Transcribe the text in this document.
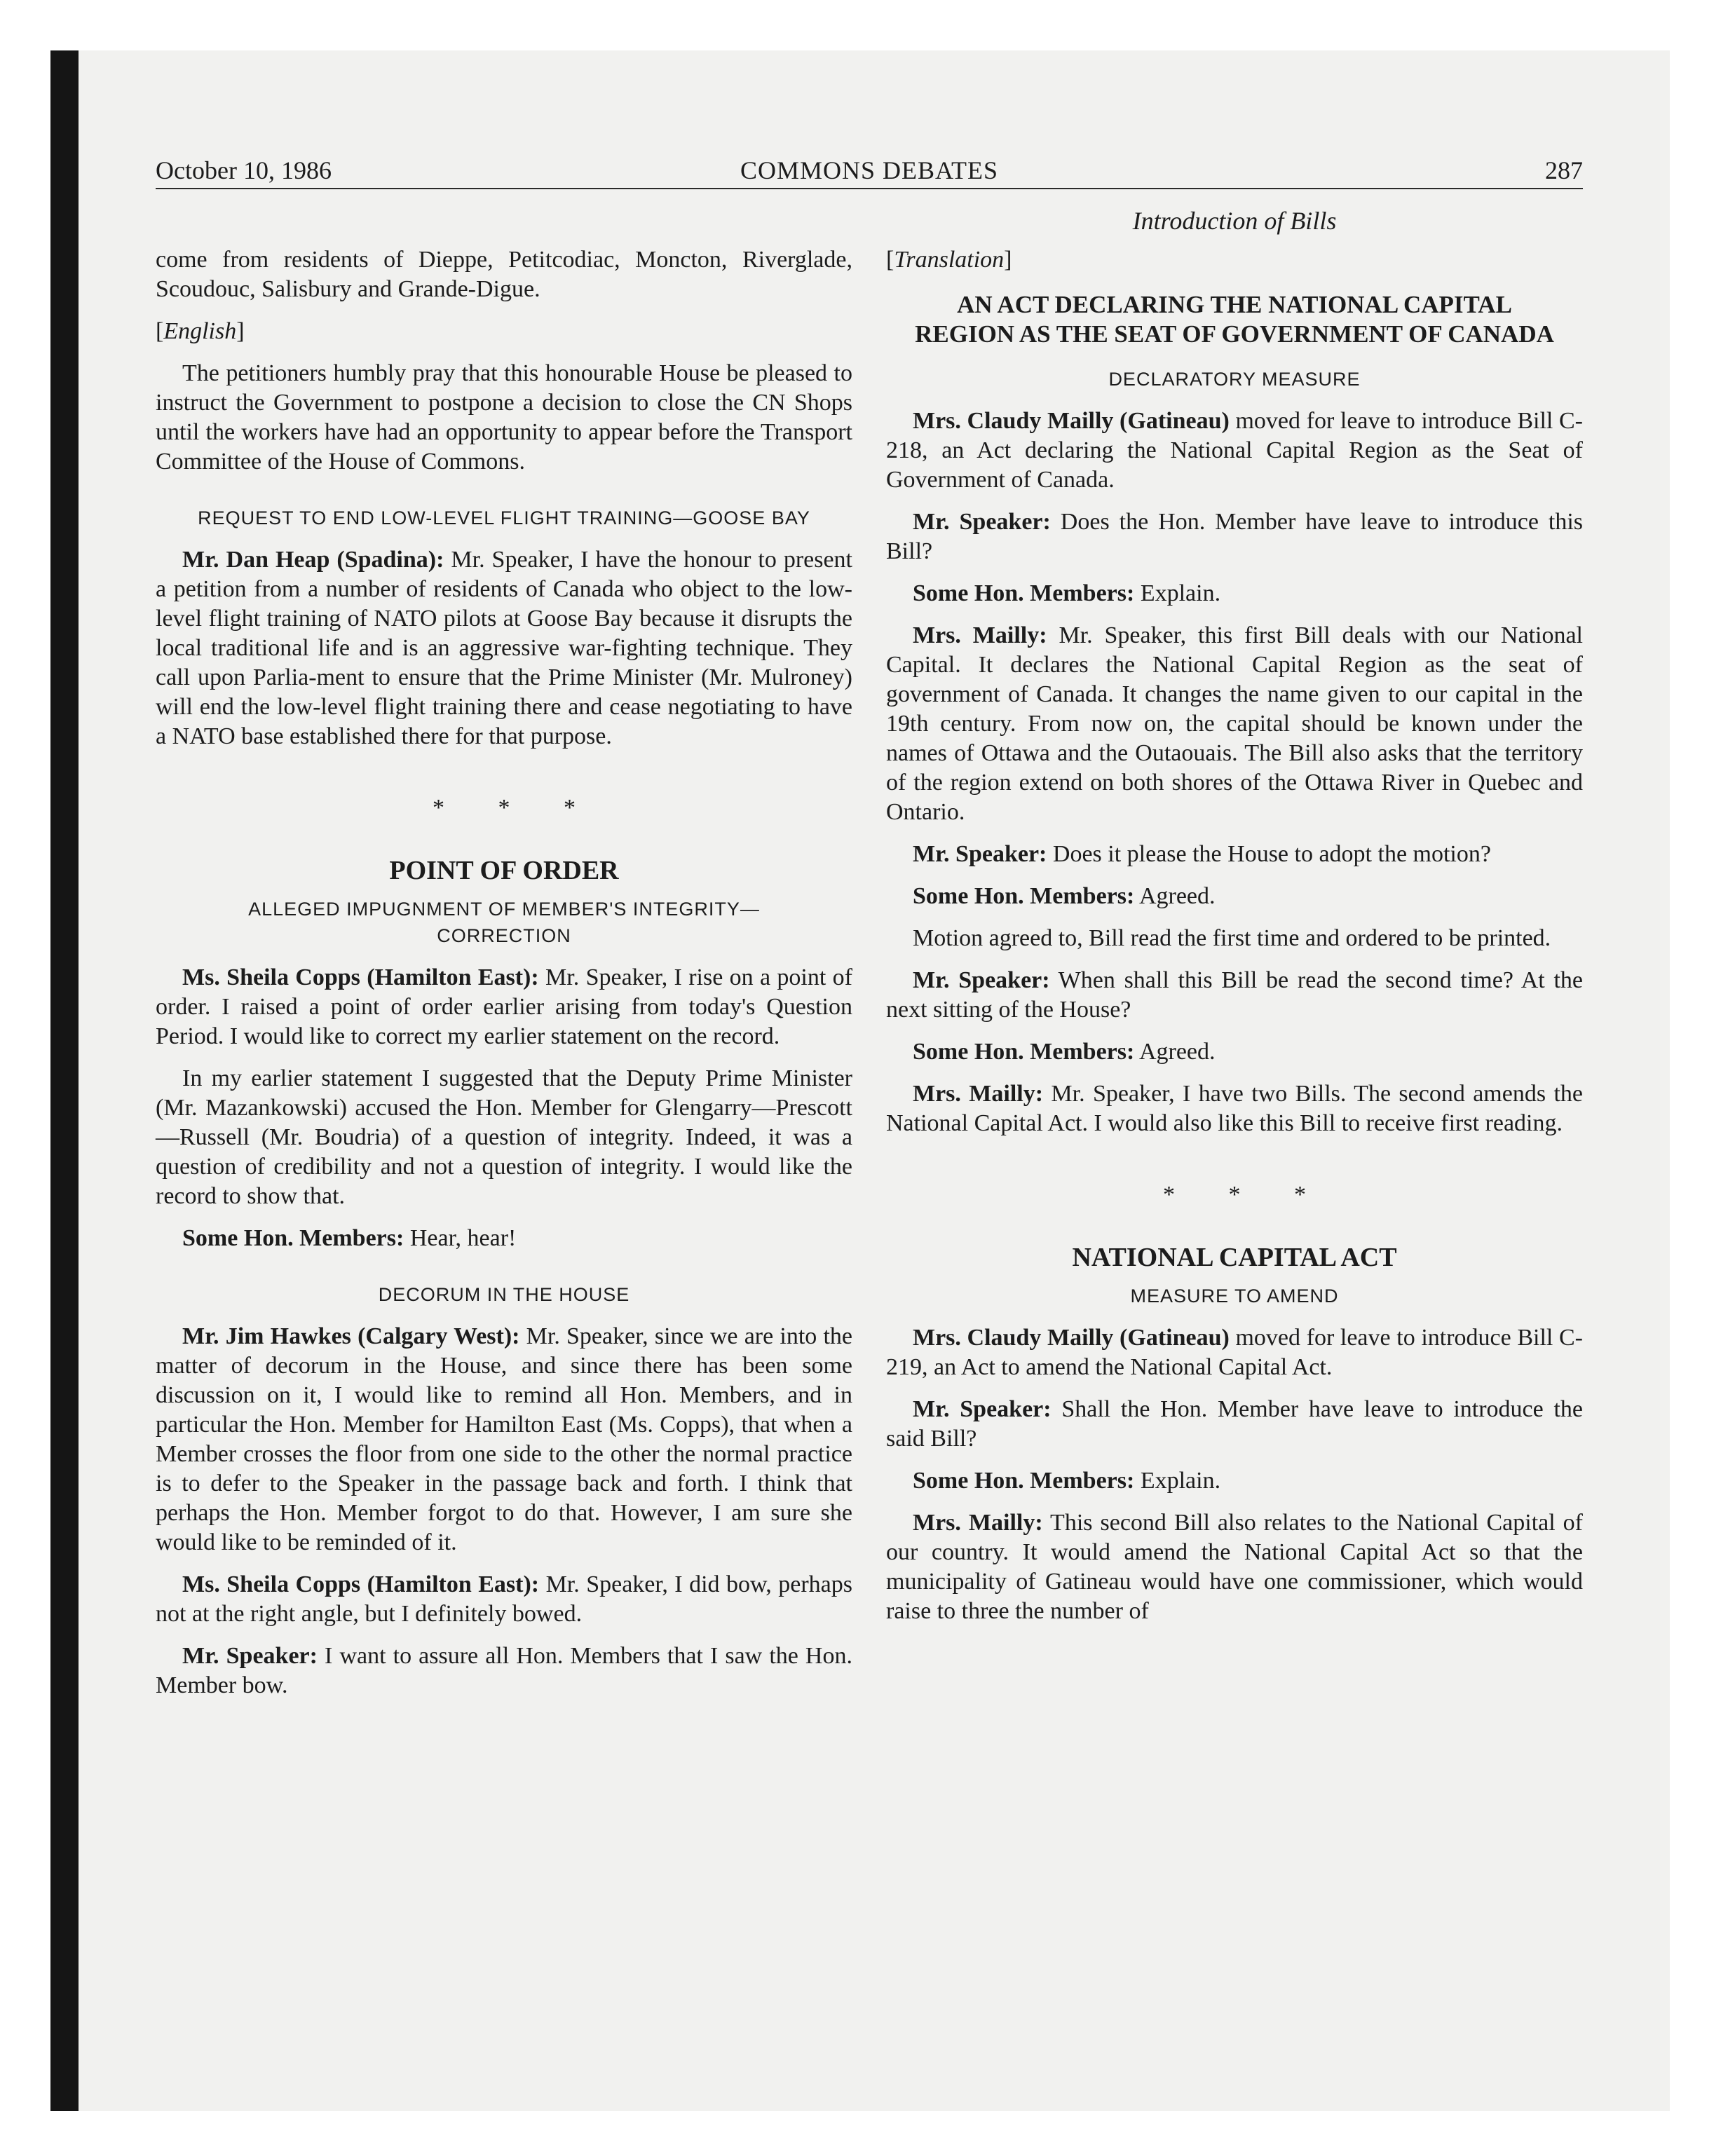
October 10, 1986	COMMONS DEBATES	287
Introduction of Bills

come from residents of Dieppe, Petitcodiac, Moncton, Riverglade, Scoudouc, Salisbury and Grande-Digue.

[English]

The petitioners humbly pray that this honourable House be pleased to instruct the Government to postpone a decision to close the CN Shops until the workers have had an opportunity to appear before the Transport Committee of the House of Commons.

REQUEST TO END LOW-LEVEL FLIGHT TRAINING—GOOSE BAY

Mr. Dan Heap (Spadina): Mr. Speaker, I have the honour to present a petition from a number of residents of Canada who object to the low-level flight training of NATO pilots at Goose Bay because it disrupts the local traditional life and is an aggressive war-fighting technique. They call upon Parlia-ment to ensure that the Prime Minister (Mr. Mulroney) will end the low-level flight training there and cease negotiating to have a NATO base established there for that purpose.

* * *
POINT OF ORDER
ALLEGED IMPUGNMENT OF MEMBER'S INTEGRITY—CORRECTION

Ms. Sheila Copps (Hamilton East): Mr. Speaker, I rise on a point of order. I raised a point of order earlier arising from today's Question Period. I would like to correct my earlier statement on the record.

In my earlier statement I suggested that the Deputy Prime Minister (Mr. Mazankowski) accused the Hon. Member for Glengarry—Prescott—Russell (Mr. Boudria) of a question of integrity. Indeed, it was a question of credibility and not a question of integrity. I would like the record to show that.

Some Hon. Members: Hear, hear!

DECORUM IN THE HOUSE

Mr. Jim Hawkes (Calgary West): Mr. Speaker, since we are into the matter of decorum in the House, and since there has been some discussion on it, I would like to remind all Hon. Members, and in particular the Hon. Member for Hamilton East (Ms. Copps), that when a Member crosses the floor from one side to the other the normal practice is to defer to the Speaker in the passage back and forth. I think that perhaps the Hon. Member forgot to do that. However, I am sure she would like to be reminded of it.

Ms. Sheila Copps (Hamilton East): Mr. Speaker, I did bow, perhaps not at the right angle, but I definitely bowed.

Mr. Speaker: I want to assure all Hon. Members that I saw the Hon. Member bow.

[Translation]
AN ACT DECLARING THE NATIONAL CAPITAL REGION AS THE SEAT OF GOVERNMENT OF CANADA
DECLARATORY MEASURE

Mrs. Claudy Mailly (Gatineau) moved for leave to introduce Bill C-218, an Act declaring the National Capital Region as the Seat of Government of Canada.

Mr. Speaker: Does the Hon. Member have leave to introduce this Bill?

Some Hon. Members: Explain.

Mrs. Mailly: Mr. Speaker, this first Bill deals with our National Capital. It declares the National Capital Region as the seat of government of Canada. It changes the name given to our capital in the 19th century. From now on, the capital should be known under the names of Ottawa and the Outaouais. The Bill also asks that the territory of the region extend on both shores of the Ottawa River in Quebec and Ontario.

Mr. Speaker: Does it please the House to adopt the motion?

Some Hon. Members: Agreed.

Motion agreed to, Bill read the first time and ordered to be printed.

Mr. Speaker: When shall this Bill be read the second time? At the next sitting of the House?

Some Hon. Members: Agreed.

Mrs. Mailly: Mr. Speaker, I have two Bills. The second amends the National Capital Act. I would also like this Bill to receive first reading.

* * *
NATIONAL CAPITAL ACT
MEASURE TO AMEND

Mrs. Claudy Mailly (Gatineau) moved for leave to introduce Bill C-219, an Act to amend the National Capital Act.

Mr. Speaker: Shall the Hon. Member have leave to introduce the said Bill?

Some Hon. Members: Explain.

Mrs. Mailly: This second Bill also relates to the National Capital of our country. It would amend the National Capital Act so that the municipality of Gatineau would have one commissioner, which would raise to three the number of
